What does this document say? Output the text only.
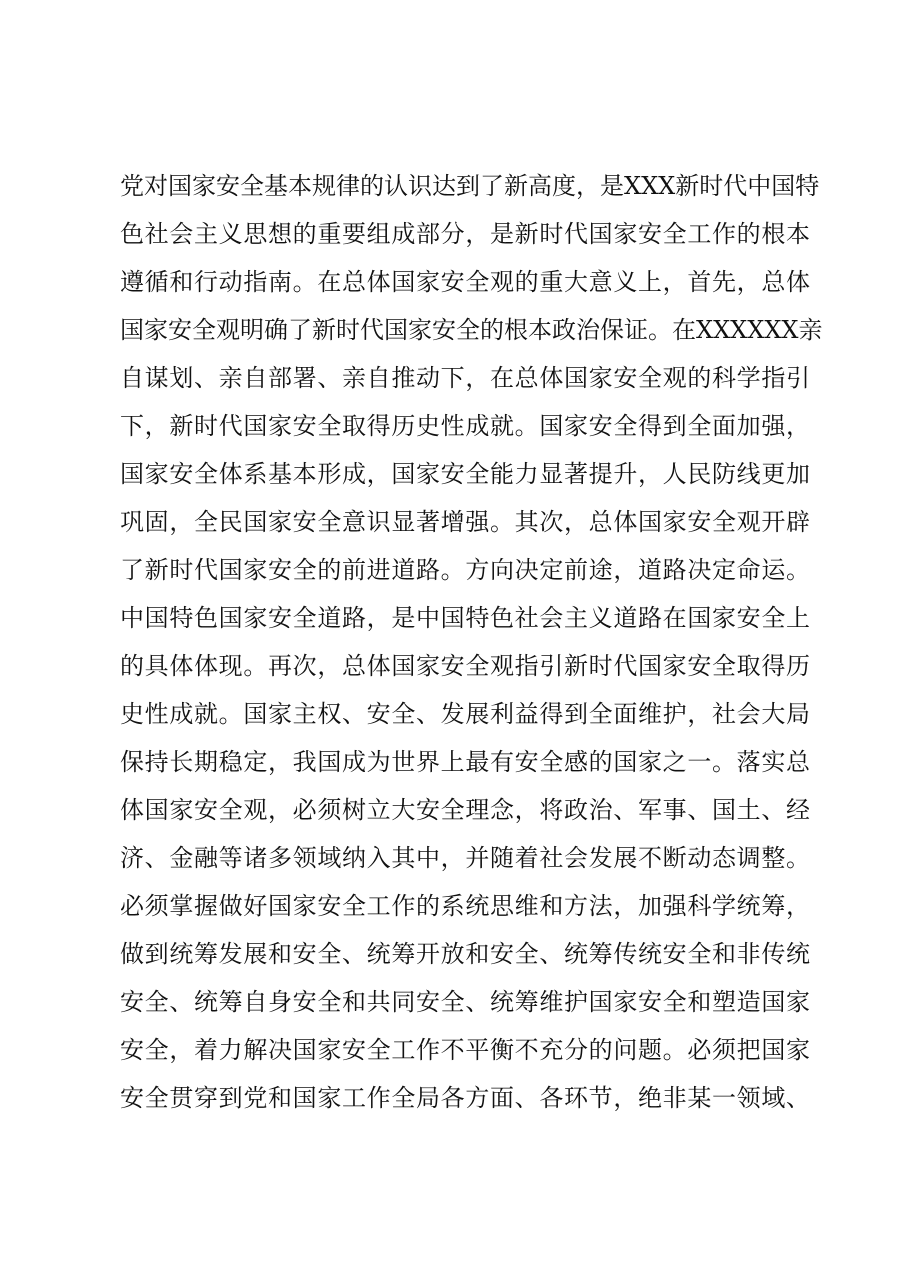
党对国家安全基本规律的认识达到了新高度，是XXX新时代中国特
色社会主义思想的重要组成部分，是新时代国家安全工作的根本
遵循和行动指南。在总体国家安全观的重大意义上，首先，总体
国家安全观明确了新时代国家安全的根本政治保证。在XXXXXX亲
自谋划、亲自部署、亲自推动下，在总体国家安全观的科学指引
下，新时代国家安全取得历史性成就。国家安全得到全面加强，
国家安全体系基本形成，国家安全能力显著提升，人民防线更加
巩固，全民国家安全意识显著增强。其次，总体国家安全观开辟
了新时代国家安全的前进道路。方向决定前途，道路决定命运。
中国特色国家安全道路，是中国特色社会主义道路在国家安全上
的具体体现。再次，总体国家安全观指引新时代国家安全取得历
史性成就。国家主权、安全、发展利益得到全面维护，社会大局
保持长期稳定，我国成为世界上最有安全感的国家之一。落实总
体国家安全观，必须树立大安全理念，将政治、军事、国土、经
济、金融等诸多领域纳入其中，并随着社会发展不断动态调整。
必须掌握做好国家安全工作的系统思维和方法，加强科学统筹，
做到统筹发展和安全、统筹开放和安全、统筹传统安全和非传统
安全、统筹自身安全和共同安全、统筹维护国家安全和塑造国家
安全，着力解决国家安全工作不平衡不充分的问题。必须把国家
安全贯穿到党和国家工作全局各方面、各环节，绝非某一领域、
